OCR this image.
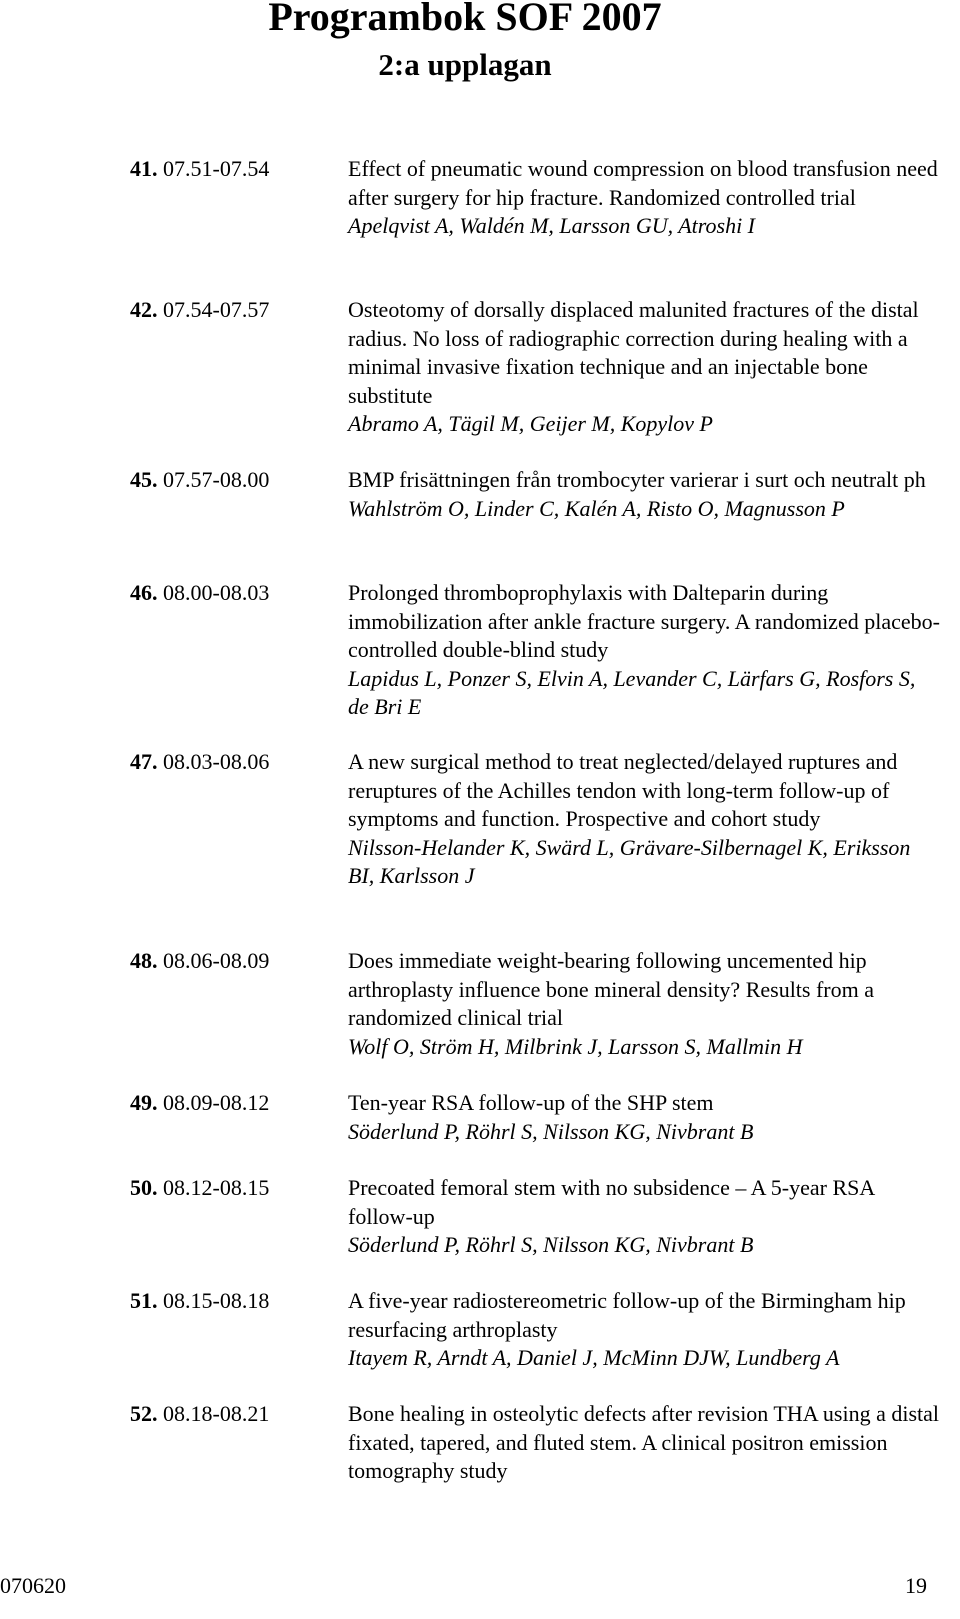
Programbok SOF 2007
2:a upplagan
41. 07.51-07.54	Effect of pneumatic wound compression on blood transfusion need after surgery for hip fracture. Randomized controlled trial
Apelqvist A, Waldén M, Larsson GU, Atroshi I
42. 07.54-07.57	Osteotomy of dorsally displaced malunited fractures of the distal radius. No loss of radiographic correction during healing with a minimal invasive fixation technique and an injectable bone substitute
Abramo A, Tägil M, Geijer M, Kopylov P
45. 07.57-08.00	BMP frisättningen från trombocyter varierar i surt och neutralt ph
Wahlström O, Linder C, Kalén A, Risto O, Magnusson P
46. 08.00-08.03	Prolonged thromboprophylaxis with Dalteparin during immobilization after ankle fracture surgery. A randomized placebo-controlled double-blind study
Lapidus L, Ponzer S, Elvin A, Levander C, Lärfars G, Rosfors S, de Bri E
47. 08.03-08.06	A new surgical method to treat neglected/delayed ruptures and reruptures of the Achilles tendon with long-term follow-up of symptoms and function. Prospective and cohort study
Nilsson-Helander K, Swärd L, Grävare-Silbernagel K, Eriksson BI, Karlsson J
48. 08.06-08.09	Does immediate weight-bearing following uncemented hip arthroplasty influence bone mineral density? Results from a randomized clinical trial
Wolf O, Ström H, Milbrink J, Larsson S, Mallmin H
49. 08.09-08.12	Ten-year RSA follow-up of the SHP stem
Söderlund P, Röhrl S, Nilsson KG, Nivbrant B
50. 08.12-08.15	Precoated femoral stem with no subsidence – A 5-year RSA follow-up
Söderlund P, Röhrl S, Nilsson KG, Nivbrant B
51. 08.15-08.18	A five-year radiostereometric follow-up of the Birmingham hip resurfacing arthroplasty
Itayem R, Arndt A, Daniel J, McMinn DJW, Lundberg A
52. 08.18-08.21	Bone healing in osteolytic defects after revision THA using a distal fixated, tapered, and fluted stem. A clinical positron emission tomography study
070620	19
